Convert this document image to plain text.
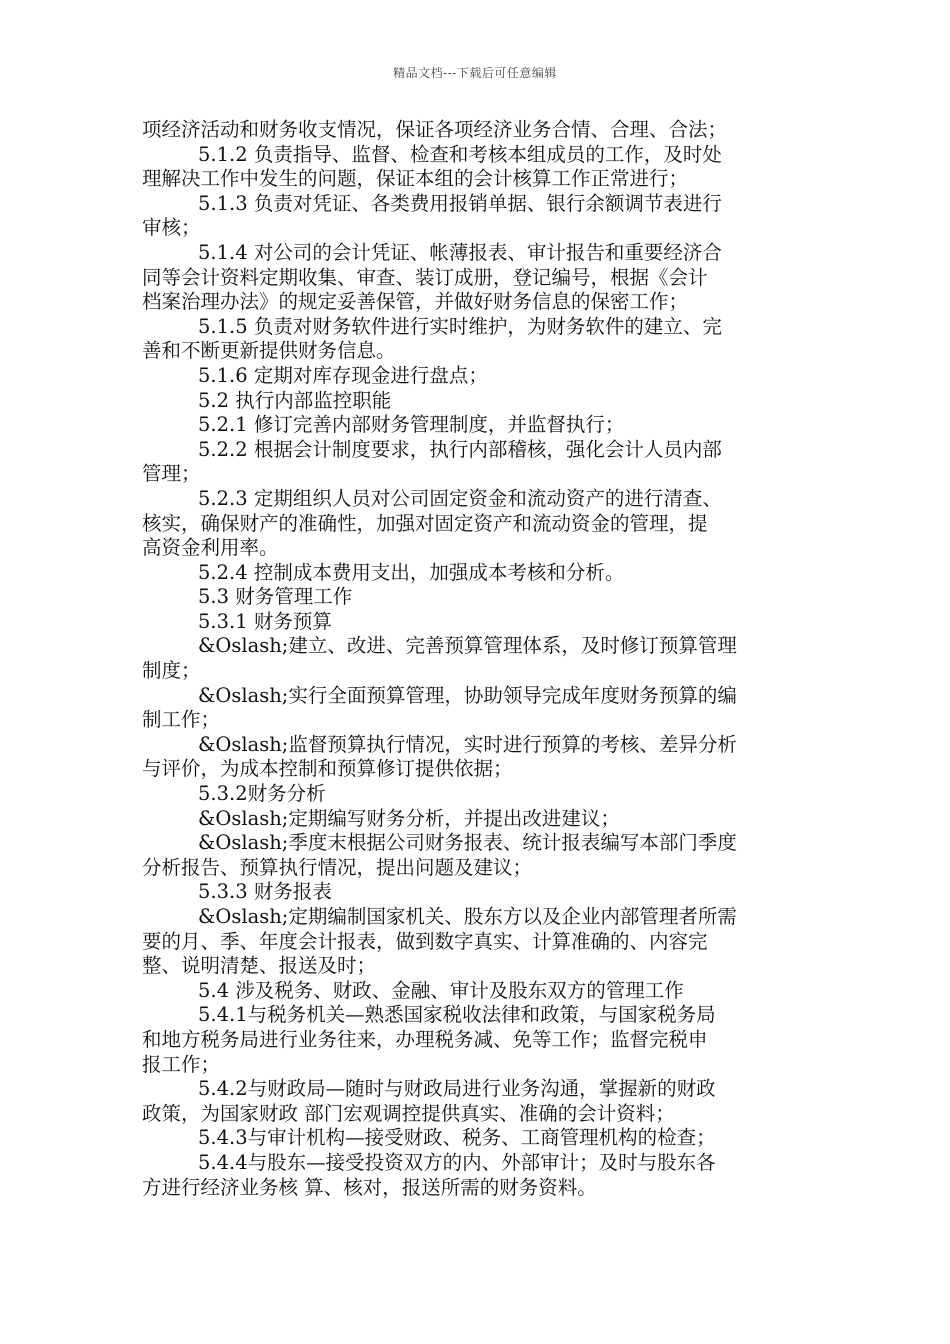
精品文档---下载后可任意编辑
项经济活动和财务收支情况，保证各项经济业务合情、合理、合法；
5.1.2 负责指导、监督、检查和考核本组成员的工作，及时处
理解决工作中发生的问题，保证本组的会计核算工作正常进行；
5.1.3 负责对凭证、各类费用报销单据、银行余额调节表进行
审核；
5.1.4 对公司的会计凭证、帐薄报表、审计报告和重要经济合
同等会计资料定期收集、审查、装订成册，登记编号，根据《会计
档案治理办法》的规定妥善保管，并做好财务信息的保密工作；
5.1.5 负责对财务软件进行实时维护，为财务软件的建立、完
善和不断更新提供财务信息。
5.1.6 定期对库存现金进行盘点；
5.2 执行内部监控职能
5.2.1 修订完善内部财务管理制度，并监督执行；
5.2.2 根据会计制度要求，执行内部稽核，强化会计人员内部
管理；
5.2.3 定期组织人员对公司固定资金和流动资产的进行清查、
核实，确保财产的准确性，加强对固定资产和流动资金的管理，提
高资金利用率。
5.2.4 控制成本费用支出，加强成本考核和分析。
5.3 财务管理工作
5.3.1 财务预算
&Oslash;建立、改进、完善预算管理体系，及时修订预算管理
制度；
&Oslash;实行全面预算管理，协助领导完成年度财务预算的编
制工作；
&Oslash;监督预算执行情况，实时进行预算的考核、差异分析
与评价，为成本控制和预算修订提供依据；
5.3.2财务分析
&Oslash;定期编写财务分析，并提出改进建议；
&Oslash;季度末根据公司财务报表、统计报表编写本部门季度
分析报告、预算执行情况，提出问题及建议；
5.3.3 财务报表
&Oslash;定期编制国家机关、股东方以及企业内部管理者所需
要的月、季、年度会计报表，做到数字真实、计算准确的、内容完
整、说明清楚、报送及时；
5.4 涉及税务、财政、金融、审计及股东双方的管理工作
5.4.1与税务机关—熟悉国家税收法律和政策，与国家税务局
和地方税务局进行业务往来，办理税务减、免等工作；监督完税申
报工作；
5.4.2与财政局—随时与财政局进行业务沟通，掌握新的财政
政策，为国家财政 部门宏观调控提供真实、准确的会计资料；
5.4.3与审计机构—接受财政、税务、工商管理机构的检查；
5.4.4与股东—接受投资双方的内、外部审计；及时与股东各
方进行经济业务核 算、核对，报送所需的财务资料。
